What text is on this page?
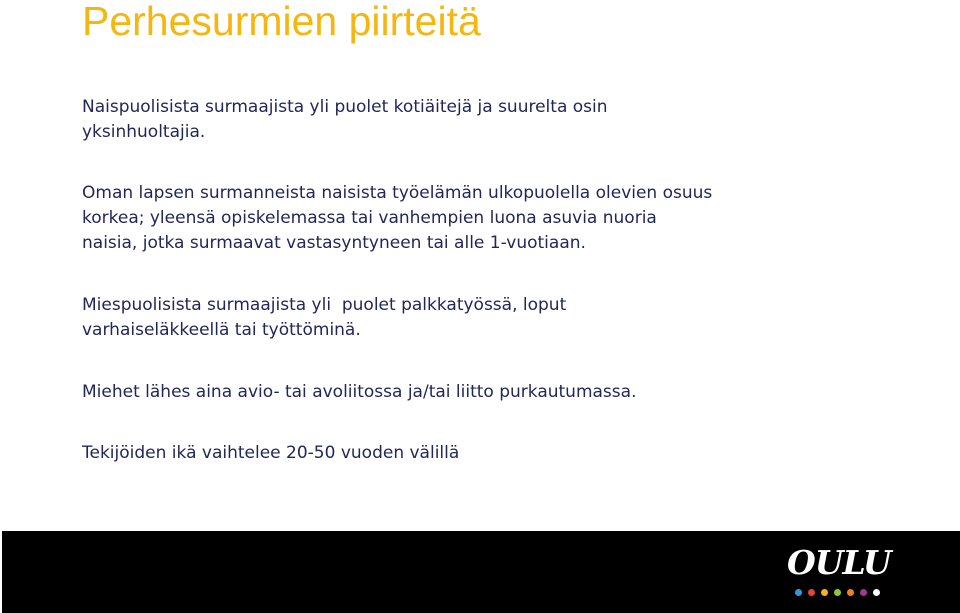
Perhesurmien piirteitä

Naispuolisista surmaajista yli puolet kotiäitejä ja suurelta osin
yksinhuoltajia.

Oman lapsen surmanneista naisista työelämän ulkopuolella olevien osuus
korkea; yleensä opiskelemassa tai vanhempien luona asuvia nuoria
naisia, jotka surmaavat vastasyntyneen tai alle 1-vuotiaan.

Miespuolisista surmaajista yli  puolet palkkatyössä, loput
varhaiseläkkeellä tai työttöminä.

Miehet lähes aina avio- tai avoliitossa ja/tai liitto purkautumassa.

Tekijöiden ikä vaihtelee 20-50 vuoden välillä

OULU
